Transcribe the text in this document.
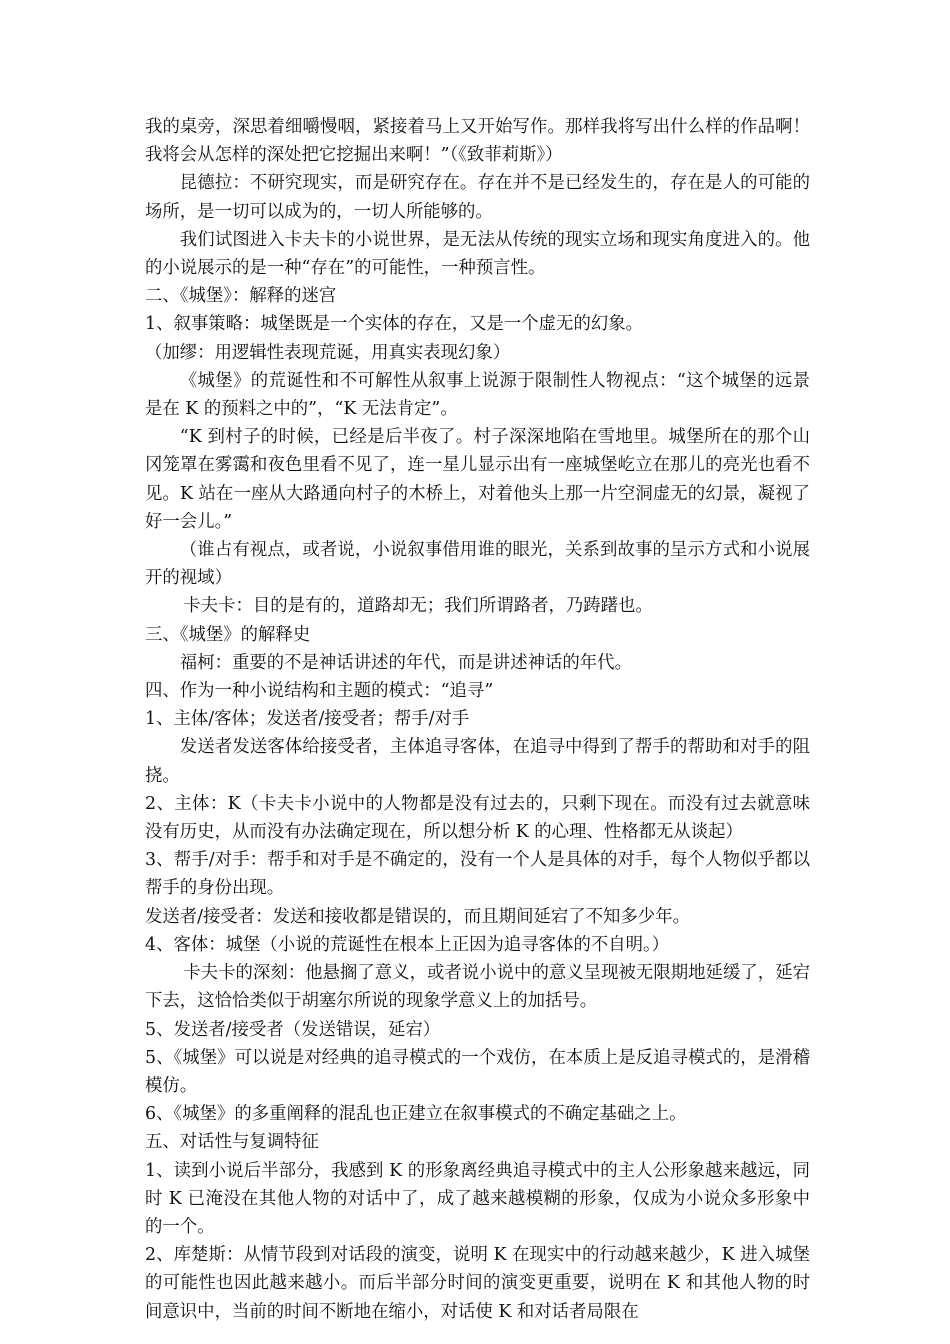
我的桌旁，深思着细嚼慢咽，紧接着马上又开始写作。那样我将写出什么样的作品啊！我将会从怎样的深处把它挖掘出来啊！”（《致菲莉斯》）

昆德拉：不研究现实，而是研究存在。存在并不是已经发生的，存在是人的可能的场所，是一切可以成为的，一切人所能够的。

我们试图进入卡夫卡的小说世界，是无法从传统的现实立场和现实角度进入的。他的小说展示的是一种“存在”的可能性，一种预言性。

二、《城堡》：解释的迷宫

1、叙事策略：城堡既是一个实体的存在，又是一个虚无的幻象。

（加缪：用逻辑性表现荒诞，用真实表现幻象）

《城堡》的荒诞性和不可解性从叙事上说源于限制性人物视点：“这个城堡的远景是在 K 的预料之中的”，“K 无法肯定”。

“K 到村子的时候，已经是后半夜了。村子深深地陷在雪地里。城堡所在的那个山冈笼罩在雾霭和夜色里看不见了，连一星儿显示出有一座城堡屹立在那儿的亮光也看不见。K 站在一座从大路通向村子的木桥上，对着他头上那一片空洞虚无的幻景，凝视了好一会儿。”

（谁占有视点，或者说，小说叙事借用谁的眼光，关系到故事的呈示方式和小说展开的视域）

卡夫卡：目的是有的，道路却无；我们所谓路者，乃踌躇也。

三、《城堡》的解释史

福柯：重要的不是神话讲述的年代，而是讲述神话的年代。

四、作为一种小说结构和主题的模式：“追寻”

1、主体/客体；发送者/接受者；帮手/对手

发送者发送客体给接受者，主体追寻客体，在追寻中得到了帮手的帮助和对手的阻挠。

2、主体：K（卡夫卡小说中的人物都是没有过去的，只剩下现在。而没有过去就意味没有历史，从而没有办法确定现在，所以想分析 K 的心理、性格都无从谈起）

3、帮手/对手：帮手和对手是不确定的，没有一个人是具体的对手，每个人物似乎都以帮手的身份出现。

发送者/接受者：发送和接收都是错误的，而且期间延宕了不知多少年。

4、客体：城堡（小说的荒诞性在根本上正因为追寻客体的不自明。）

卡夫卡的深刻：他悬搁了意义，或者说小说中的意义呈现被无限期地延缓了，延宕下去，这恰恰类似于胡塞尔所说的现象学意义上的加括号。

5、发送者/接受者（发送错误，延宕）

5、《城堡》可以说是对经典的追寻模式的一个戏仿，在本质上是反追寻模式的，是滑稽模仿。

6、《城堡》的多重阐释的混乱也正建立在叙事模式的不确定基础之上。

五、对话性与复调特征

1、读到小说后半部分，我感到 K 的形象离经典追寻模式中的主人公形象越来越远，同时 K 已淹没在其他人物的对话中了，成了越来越模糊的形象，仅成为小说众多形象中的一个。

2、库楚斯：从情节段到对话段的演变，说明 K 在现实中的行动越来越少，K 进入城堡的可能性也因此越来越小。而后半部分时间的演变更重要，说明在 K 和其他人物的时间意识中，当前的时间不断地在缩小，对话使 K 和对话者局限在
